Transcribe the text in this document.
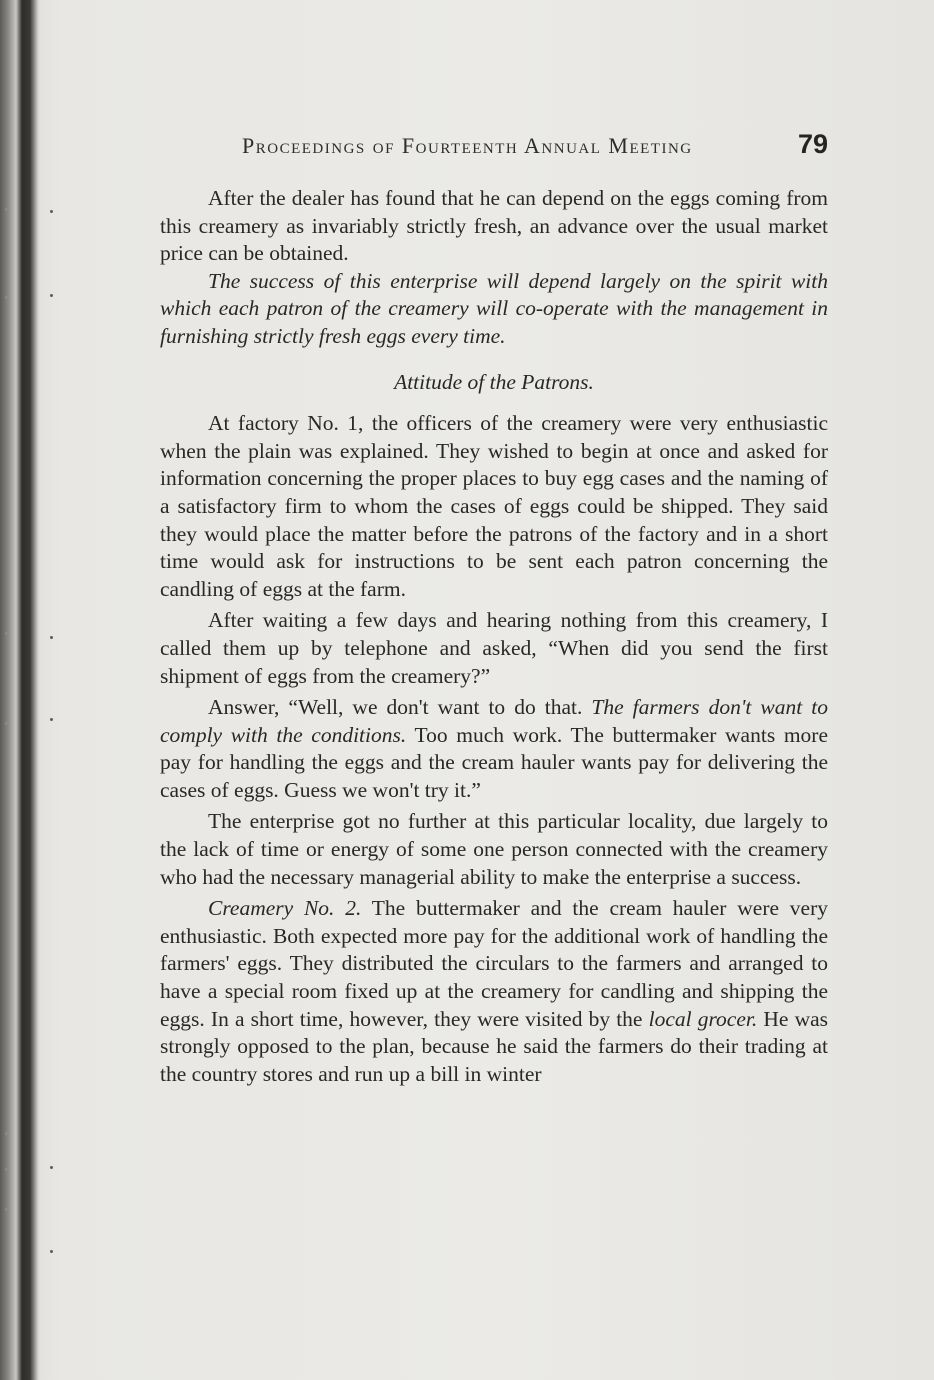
Proceedings of Fourteenth Annual Meeting	79

After the dealer has found that he can depend on the eggs coming from this creamery as invariably strictly fresh, an advance over the usual market price can be obtained.

The success of this enterprise will depend largely on the spirit with which each patron of the creamery will co-operate with the management in furnishing strictly fresh eggs every time.

Attitude of the Patrons.

At factory No. 1, the officers of the creamery were very enthusiastic when the plain was explained. They wished to begin at once and asked for information concerning the proper places to buy egg cases and the naming of a satisfactory firm to whom the cases of eggs could be shipped. They said they would place the matter before the patrons of the factory and in a short time would ask for instructions to be sent each patron concerning the candling of eggs at the farm.

After waiting a few days and hearing nothing from this creamery, I called them up by telephone and asked, “When did you send the first shipment of eggs from the creamery?”

Answer, “Well, we don't want to do that. The farmers don't want to comply with the conditions. Too much work. The buttermaker wants more pay for handling the eggs and the cream hauler wants pay for delivering the cases of eggs. Guess we won't try it.”

The enterprise got no further at this particular locality, due largely to the lack of time or energy of some one person connected with the creamery who had the necessary managerial ability to make the enterprise a success.

Creamery No. 2. The buttermaker and the cream hauler were very enthusiastic. Both expected more pay for the additional work of handling the farmers' eggs. They distributed the circulars to the farmers and arranged to have a special room fixed up at the creamery for candling and shipping the eggs. In a short time, however, they were visited by the local grocer. He was strongly opposed to the plan, because he said the farmers do their trading at the country stores and run up a bill in winter
